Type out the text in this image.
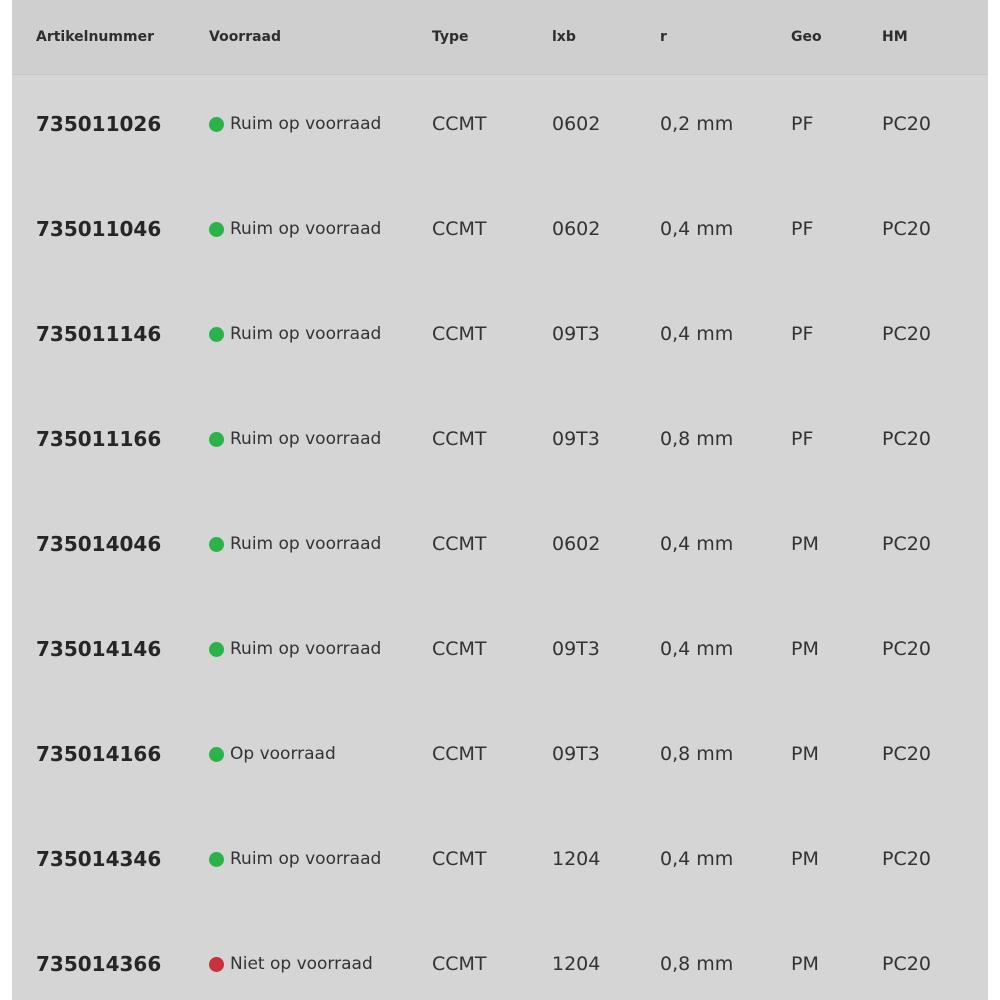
Artikelnummer	Voorraad	Type	lxb	r	Geo	HM
735011026	Ruim op voorraad	CCMT	0602	0,2 mm	PF	PC20
735011046	Ruim op voorraad	CCMT	0602	0,4 mm	PF	PC20
735011146	Ruim op voorraad	CCMT	09T3	0,4 mm	PF	PC20
735011166	Ruim op voorraad	CCMT	09T3	0,8 mm	PF	PC20
735014046	Ruim op voorraad	CCMT	0602	0,4 mm	PM	PC20
735014146	Ruim op voorraad	CCMT	09T3	0,4 mm	PM	PC20
735014166	Op voorraad	CCMT	09T3	0,8 mm	PM	PC20
735014346	Ruim op voorraad	CCMT	1204	0,4 mm	PM	PC20
735014366	Niet op voorraad	CCMT	1204	0,8 mm	PM	PC20
